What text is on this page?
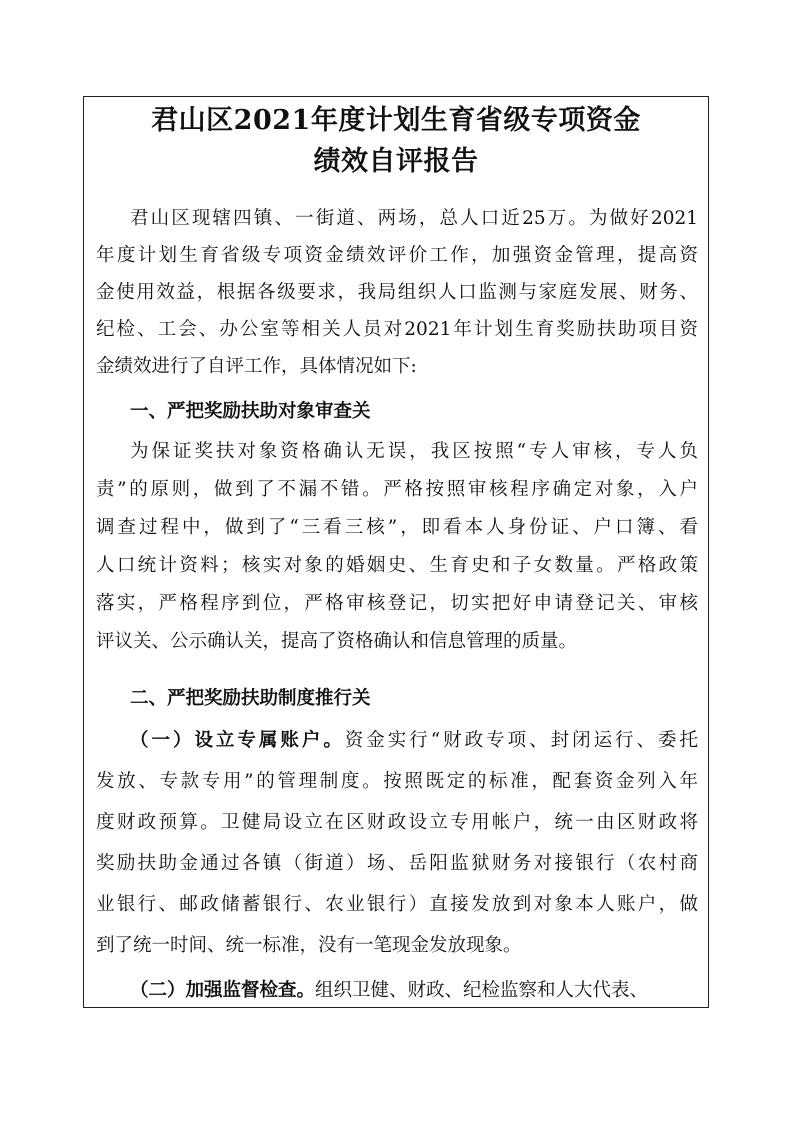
君山区2021年度计划生育省级专项资金
绩效自评报告
君山区现辖四镇、一街道、两场，总人口近25万。为做好2021
年度计划生育省级专项资金绩效评价工作，加强资金管理，提高资
金使用效益，根据各级要求，我局组织人口监测与家庭发展、财务、
纪检、工会、办公室等相关人员对2021年计划生育奖励扶助项目资
金绩效进行了自评工作，具体情况如下:
一、严把奖励扶助对象审查关
为保证奖扶对象资格确认无误，我区按照“专人审核，专人负
责”的原则，做到了不漏不错。严格按照审核程序确定对象，入户
调查过程中，做到了“三看三核”，即看本人身份证、户口簿、看
人口统计资料；核实对象的婚姻史、生育史和子女数量。严格政策
落实，严格程序到位，严格审核登记，切实把好申请登记关、审核
评议关、公示确认关，提高了资格确认和信息管理的质量。
二、严把奖励扶助制度推行关
（一）设立专属账户。资金实行“财政专项、封闭运行、委托
发放、专款专用”的管理制度。按照既定的标准，配套资金列入年
度财政预算。卫健局设立在区财政设立专用帐户，统一由区财政将
奖励扶助金通过各镇（街道）场、岳阳监狱财务对接银行（农村商
业银行、邮政储蓄银行、农业银行）直接发放到对象本人账户，做
到了统一时间、统一标准，没有一笔现金发放现象。
（二）加强监督检查。组织卫健、财政、纪检监察和人大代表、
